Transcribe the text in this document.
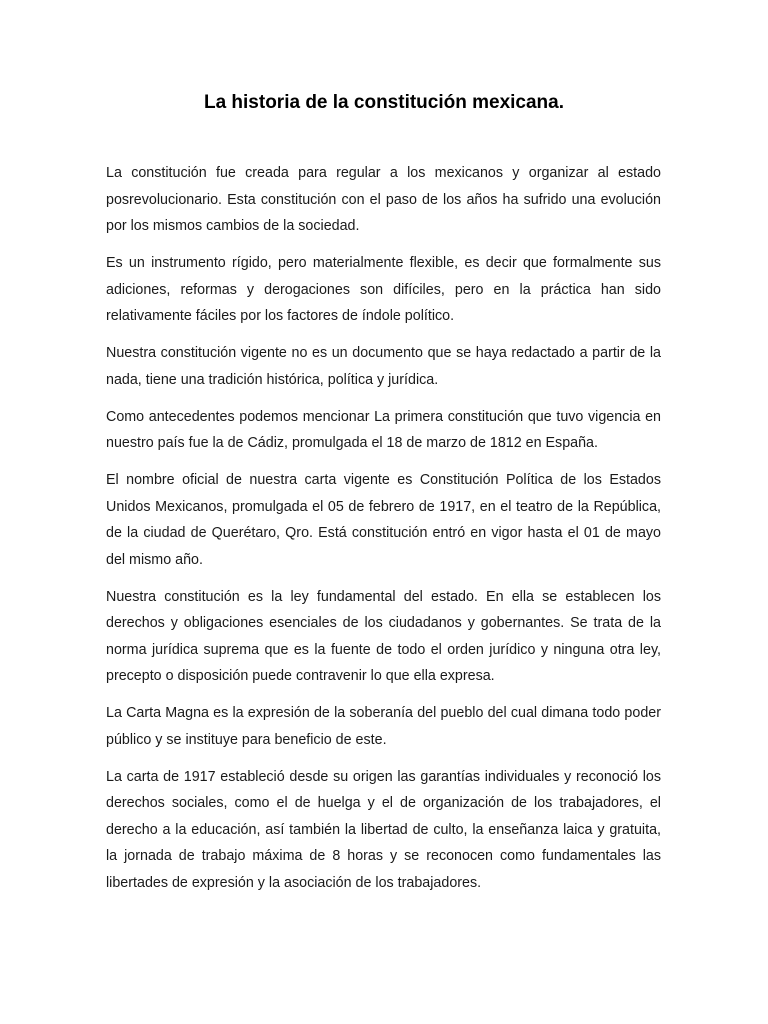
La historia de la constitución mexicana.

La constitución fue creada para regular a los mexicanos y organizar al estado posrevolucionario. Esta constitución con el paso de los años ha sufrido una evolución por los mismos cambios de la sociedad.

Es un instrumento rígido, pero materialmente flexible, es decir que formalmente sus adiciones, reformas y derogaciones son difíciles, pero en la práctica han sido relativamente fáciles por los factores de índole político.

Nuestra constitución vigente no es un documento que se haya redactado a partir de la nada, tiene una tradición histórica, política y jurídica.

Como antecedentes podemos mencionar La primera constitución que tuvo vigencia en nuestro país fue la de Cádiz, promulgada el 18 de marzo de 1812 en España.

El nombre oficial de nuestra carta vigente es Constitución Política de los Estados Unidos Mexicanos, promulgada el 05 de febrero de 1917, en el teatro de la República, de la ciudad de Querétaro, Qro. Está constitución entró en vigor hasta el 01 de mayo del mismo año.

Nuestra constitución es la ley fundamental del estado. En ella se establecen los derechos y obligaciones esenciales de los ciudadanos y gobernantes. Se trata de la norma jurídica suprema que es la fuente de todo el orden jurídico y ninguna otra ley, precepto o disposición puede contravenir lo que ella expresa.

La Carta Magna es la expresión de la soberanía del pueblo del cual dimana todo poder público y se instituye para beneficio de este.

La carta de 1917 estableció desde su origen las garantías individuales y reconoció los derechos sociales, como el de huelga y el de organización de los trabajadores, el derecho a la educación, así también la libertad de culto, la enseñanza laica y gratuita, la jornada de trabajo máxima de 8 horas y se reconocen como fundamentales las libertades de expresión y la asociación de los trabajadores.
